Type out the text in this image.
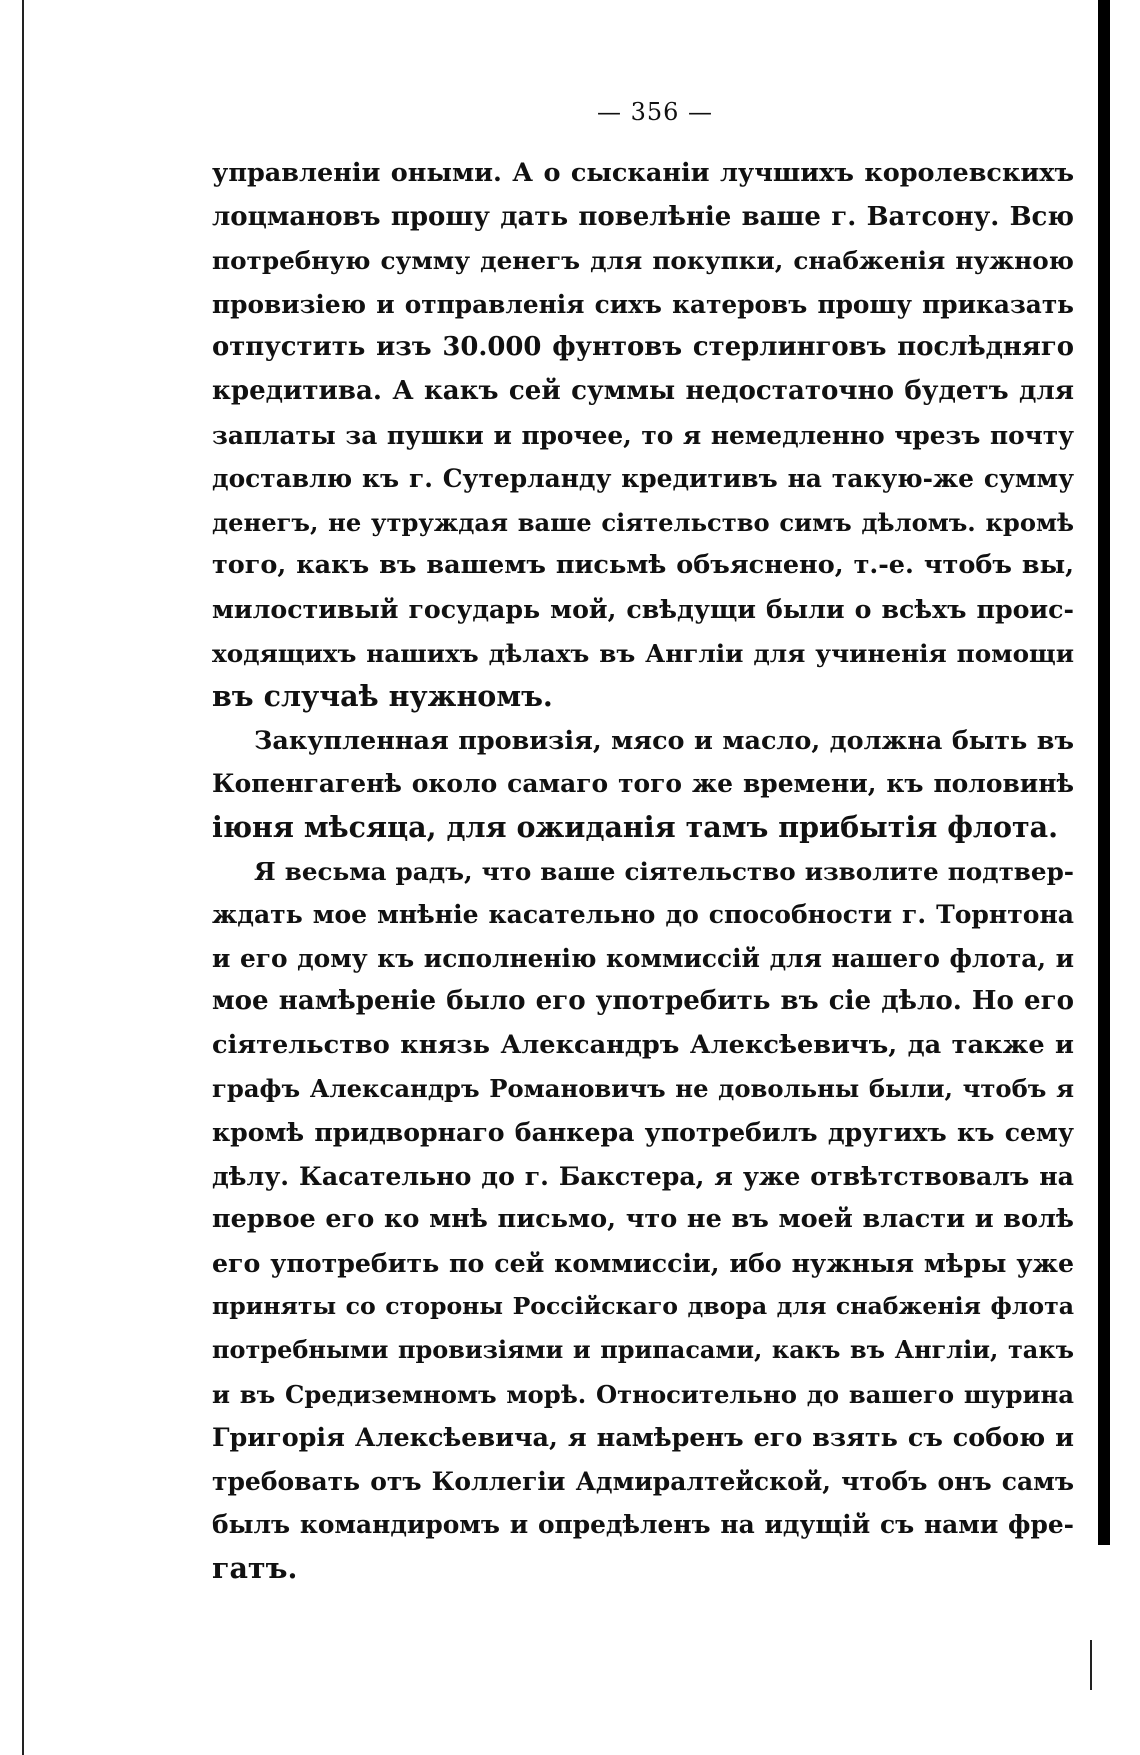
— 356 —
управленіи оными. А о сысканіи лучшихъ королевскихъ
лоцмановъ прошу дать повелѣніе ваше г. Ватсону. Всю
потребную сумму денегъ для покупки, снабженія нужною
провизіею и отправленія сихъ катеровъ прошу приказать
отпустить изъ 30.000 фунтовъ стерлинговъ послѣдняго
кредитива. А какъ сей суммы недостаточно будетъ для
заплаты за пушки и прочее, то я немедленно чрезъ почту
доставлю къ г. Сутерланду кредитивъ на такую-же сумму
денегъ, не утруждая ваше сіятельство симъ дѣломъ. кромѣ
того, какъ въ вашемъ письмѣ объяснено, т.-е. чтобъ вы,
милостивый государь мой, свѣдущи были о всѣхъ проис-
ходящихъ нашихъ дѣлахъ въ Англіи для учиненія помощи
въ случаѣ нужномъ.
Закупленная провизія, мясо и масло, должна быть въ
Копенгагенѣ около самаго того же времени, къ половинѣ
іюня мѣсяца, для ожиданія тамъ прибытія флота.
Я весьма радъ, что ваше сіятельство изволите подтвер-
ждать мое мнѣніе касательно до способности г. Торнтона
и его дому къ исполненію коммиссій для нашего флота, и
мое намѣреніе было его употребить въ сіе дѣло. Но его
сіятельство князь Александръ Алексѣевичъ, да также и
графъ Александръ Романовичъ не довольны были, чтобъ я
кромѣ придворнаго банкера употребилъ другихъ къ сему
дѣлу. Касательно до г. Бакстера, я уже отвѣтствовалъ на
первое его ко мнѣ письмо, что не въ моей власти и волѣ
его употребить по сей коммиссіи, ибо нужныя мѣры уже
приняты со стороны Россійскаго двора для снабженія флота
потребными провизіями и припасами, какъ въ Англіи, такъ
и въ Средиземномъ морѣ. Относительно до вашего шурина
Григорія Алексѣевича, я намѣренъ его взять съ собою и
требовать отъ Коллегіи Адмиралтейской, чтобъ онъ самъ
былъ командиромъ и опредѣленъ на идущій съ нами фре-
гатъ.
